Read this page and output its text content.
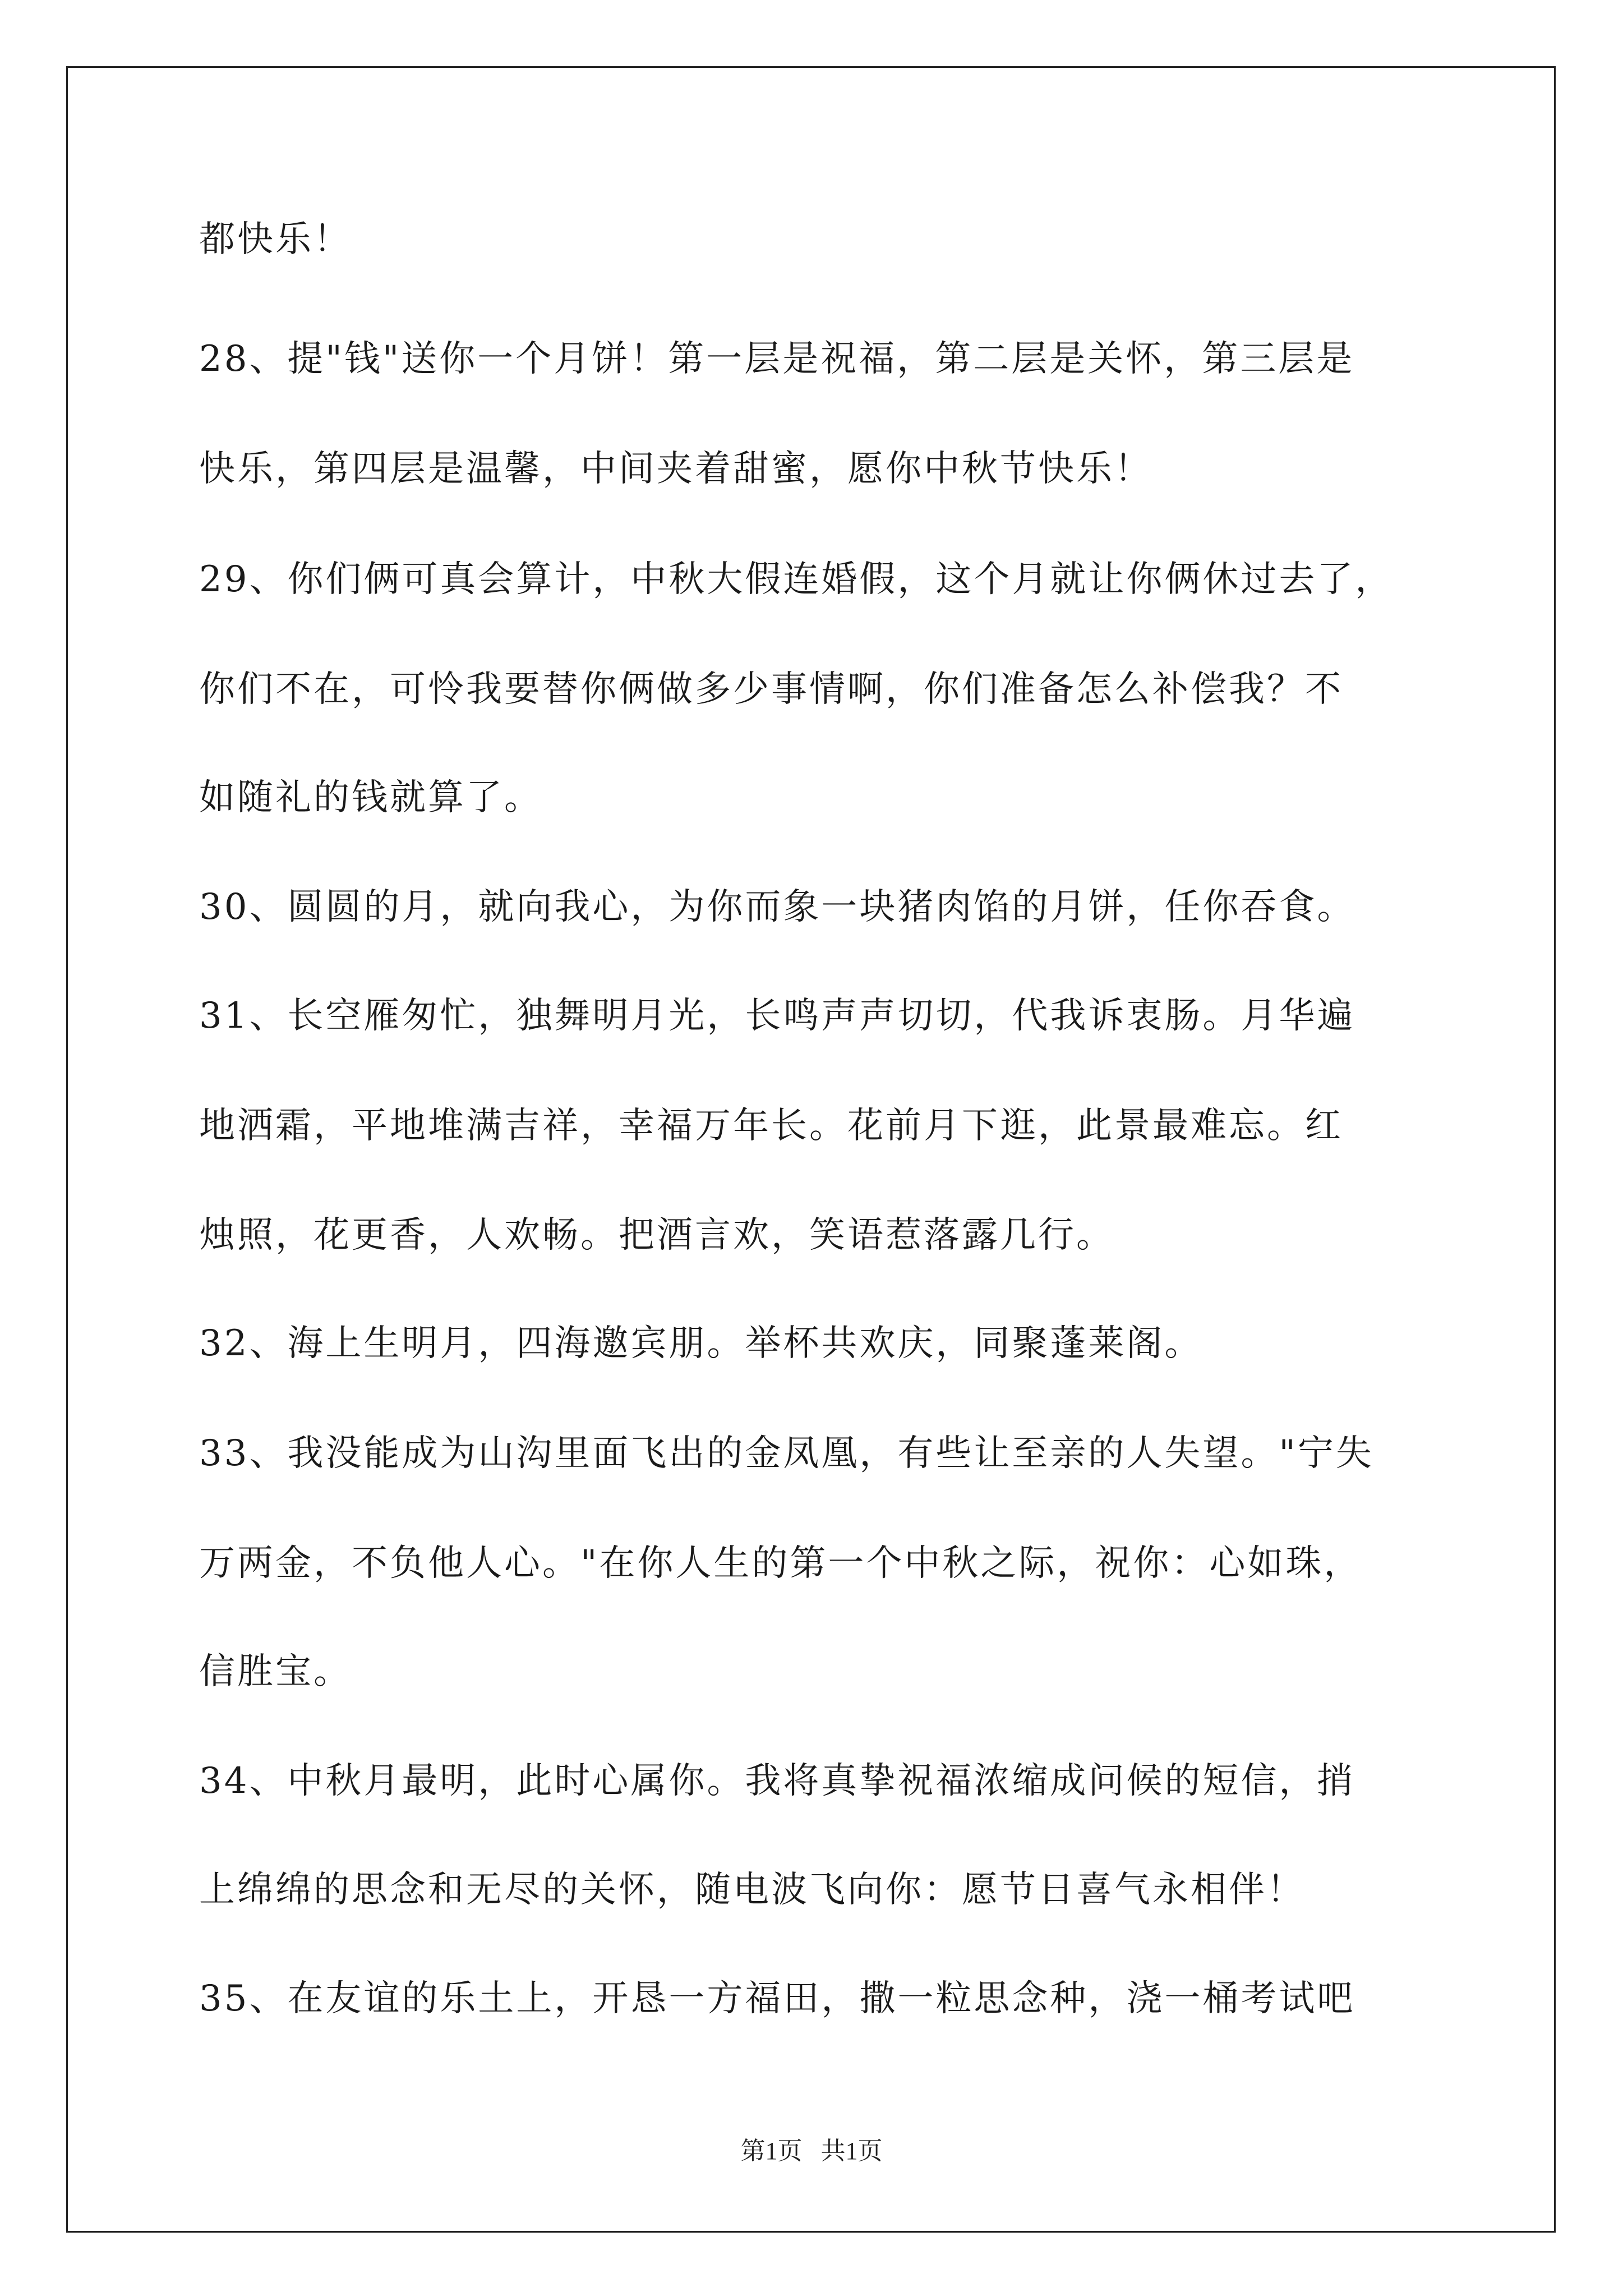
都快乐！
28、提"钱"送你一个月饼！第一层是祝福，第二层是关怀，第三层是
快乐，第四层是温馨，中间夹着甜蜜，愿你中秋节快乐！
29、你们俩可真会算计，中秋大假连婚假，这个月就让你俩休过去了，
你们不在，可怜我要替你俩做多少事情啊，你们准备怎么补偿我？不
如随礼的钱就算了。
30、圆圆的月，就向我心，为你而象一块猪肉馅的月饼，任你吞食。
31、长空雁匆忙，独舞明月光，长鸣声声切切，代我诉衷肠。月华遍
地洒霜，平地堆满吉祥，幸福万年长。花前月下逛，此景最难忘。红
烛照，花更香，人欢畅。把酒言欢，笑语惹落露几行。
32、海上生明月，四海邀宾朋。举杯共欢庆，同聚蓬莱阁。
33、我没能成为山沟里面飞出的金凤凰，有些让至亲的人失望。"宁失
万两金，不负他人心。"在你人生的第一个中秋之际，祝你：心如珠，
信胜宝。
34、中秋月最明，此时心属你。我将真挚祝福浓缩成问候的短信，捎
上绵绵的思念和无尽的关怀，随电波飞向你：愿节日喜气永相伴！
35、在友谊的乐土上，开恳一方福田，撒一粒思念种，浇一桶考试吧
第1页   共1页
